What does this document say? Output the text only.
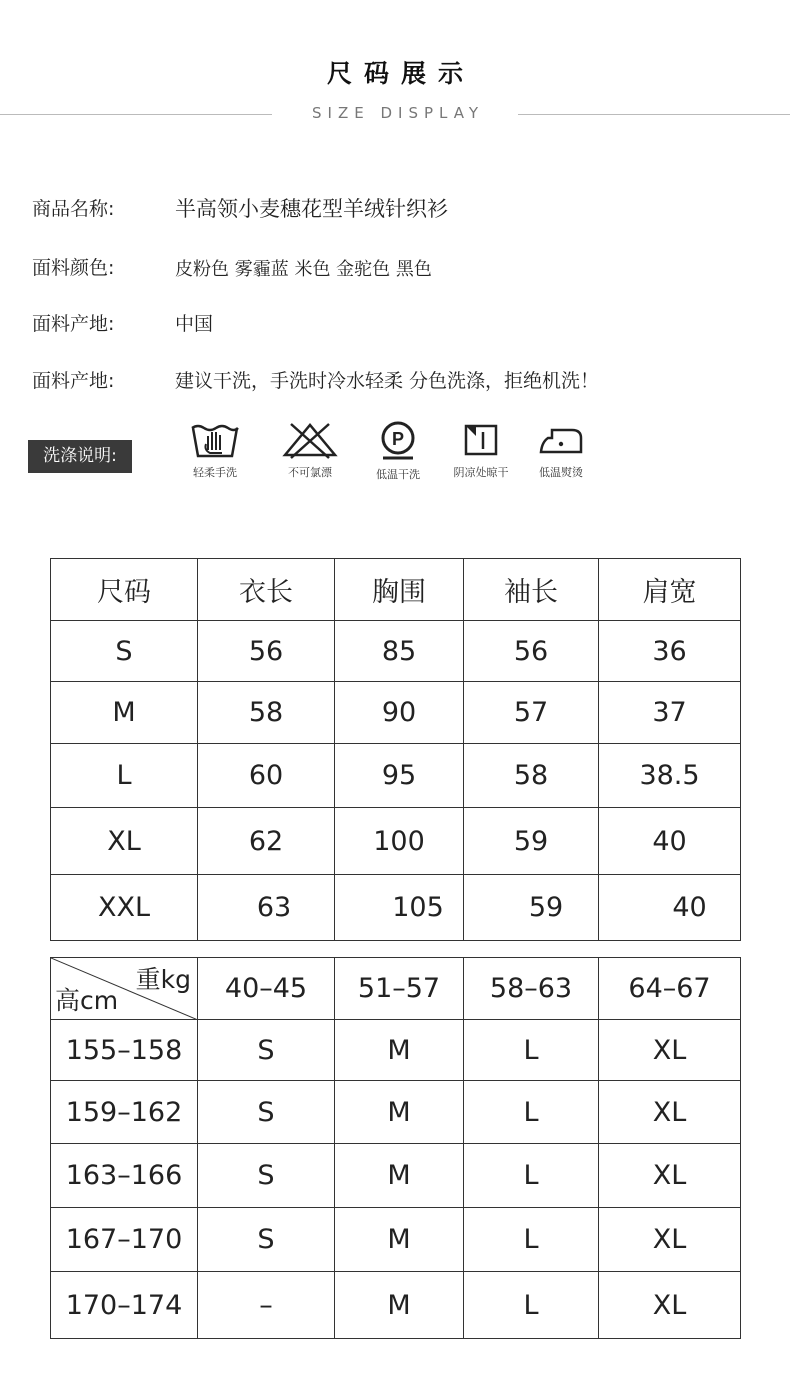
尺码展示
SIZE DISPLAY
商品名称:	半高领小麦穗花型羊绒针织衫
面料颜色:	皮粉色 雾霾蓝 米色 金驼色 黑色
面料产地:	中国
面料产地:	建议干洗，手洗时冷水轻柔 分色洗涤，拒绝机洗！
洗涤说明:
轻柔手洗	不可氯漂
P
低温干洗	阴凉处晾干	低温熨烫
尺码	衣长	胸围	袖长	肩宽
S	56	85	56	36
M	58	90	57	37
L	60	95	58	38.5
XL	62	100	59	40
XXL	63	105	59	40
重kg
高cm	40–45	51–57	58–63	64–67
155–158	S	M	L	XL
159–162	S	M	L	XL
163–166	S	M	L	XL
167–170	S	M	L	XL
170–174	–	M	L	XL
